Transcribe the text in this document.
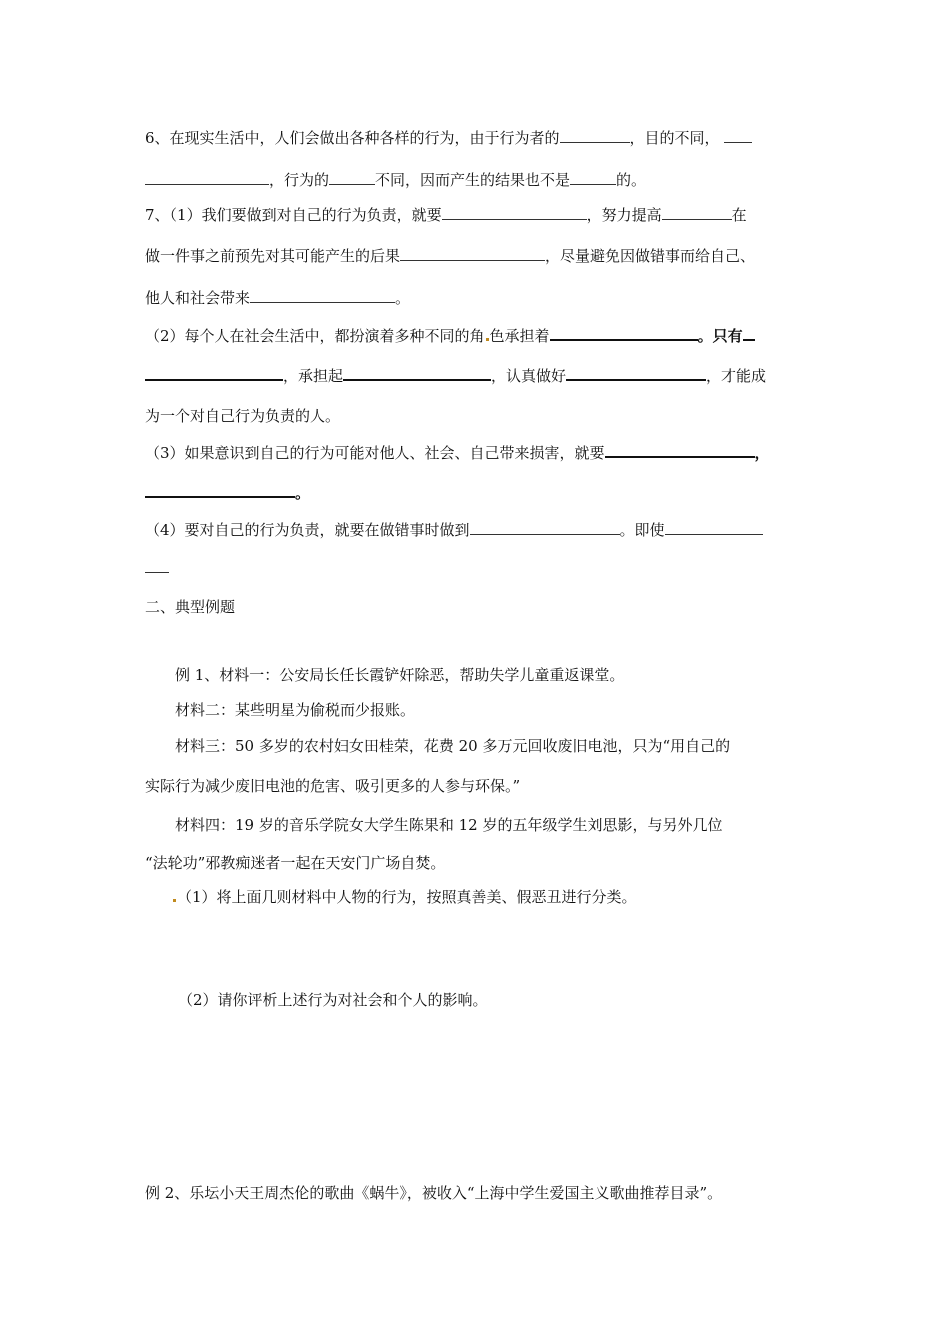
6、在现实生活中，人们会做出各种各样的行为，由于行为者的	，目的不同，
，行为的	不同，因而产生的结果也不是	的。
7、（1）我们要做到对自己的行为负责，就要	，努力提高	在
做一件事之前预先对其可能产生的后果	，尽量避免因做错事而给自己、
他人和社会带来	。
（2）每个人在社会生活中，都扮演着多种不同的角 色承担着	。只有
，承担起	，认真做好	，才能成
为一个对自己行为负责的人。
（3）如果意识到自己的行为可能对他人、社会、自己带来损害，就要	，
。
（4）要对自己的行为负责，就要在做错事时做到	。即使
二、典型例题
例 1、材料一：公安局长任长霞铲奸除恶，帮助失学儿童重返课堂。
材料二：某些明星为偷税而少报账。
材料三：50 多岁的农村妇女田桂荣，花费 20 多万元回收废旧电池，只为“用自己的
实际行为减少废旧电池的危害、吸引更多的人参与环保。”
材料四：19 岁的音乐学院女大学生陈果和 12 岁的五年级学生刘思影，与另外几位
“法轮功”邪教痴迷者一起在天安门广场自焚。
（1）将上面几则材料中人物的行为，按照真善美、假恶丑进行分类。
（2）请你评析上述行为对社会和个人的影响。
例 2、乐坛小天王周杰伦的歌曲《蜗牛》，被收入“上海中学生爱国主义歌曲推荐目录”。
